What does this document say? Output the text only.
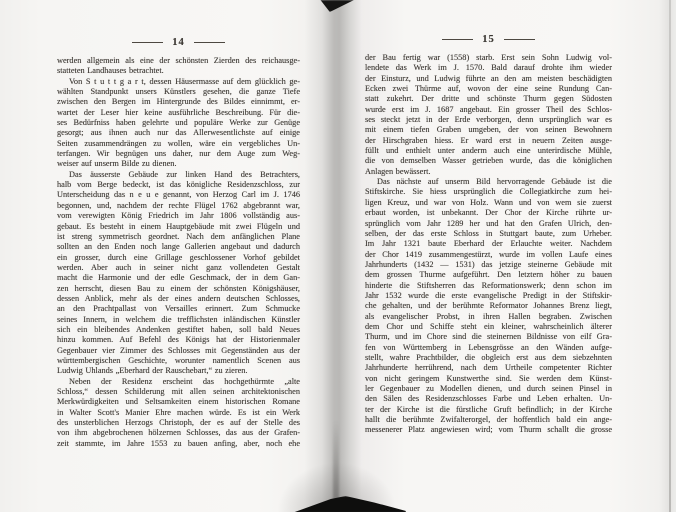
14
werden allgemein als eine der schönsten Zierden des reichausge-
statteten Landhauses betrachtet.
Von S t u t t g a r t, dessen Häusermasse auf dem glücklich ge-
wählten Standpunkt unsers Künstlers gesehen, die ganze Tiefe
zwischen den Bergen im Hintergrunde des Bildes einnimmt, er-
wartet der Leser hier keine ausführliche Beschreibung. Für die-
ses Bedürfniss haben gelehrte und populäre Werke zur Genüge
gesorgt; aus ihnen auch nur das Allerwesentlichste auf einige
Seiten zusammendrängen zu wollen, wäre ein vergebliches Un-
terfangen. Wir begnügen uns daher, nur dem Auge zum Weg-
weiser auf unserm Bilde zu dienen.
Das äusserste Gebäude zur linken Hand des Betrachters,
halb vom Berge bedeckt, ist das königliche Residenzschloss, zur
Unterscheidung das n e u e genannt, von Herzog Carl im J. 1746
begonnen, und, nachdem der rechte Flügel 1762 abgebrannt war,
vom verewigten König Friedrich im Jahr 1806 vollständig aus-
gebaut. Es besteht in einem Hauptgebäude mit zwei Flügeln und
ist streng symmetrisch geordnet. Nach dem anfänglichen Plane
sollten an den Enden noch lange Gallerien angebaut und dadurch
ein grosser, durch eine Grillage geschlossener Vorhof gebildet
werden. Aber auch in seiner nicht ganz vollendeten Gestalt
macht die Harmonie und der edle Geschmack, der in dem Gan-
zen herrscht, diesen Bau zu einem der schönsten Königshäuser,
dessen Anblick, mehr als der eines andern deutschen Schlosses,
an den Prachtpallast von Versailles erinnert. Zum Schmucke
seines Innern, in welchem die trefflichsten inländischen Künstler
sich ein bleibendes Andenken gestiftet haben, soll bald Neues
hinzu kommen. Auf Befehl des Königs hat der Historienmaler
Gegenbauer vier Zimmer des Schlosses mit Gegenständen aus der
württembergischen Geschichte, worunter namentlich Scenen aus
Ludwig Uhlands „Eberhard der Rauschebart,“ zu zieren.
Neben der Residenz erscheint das hochgethürmte „alte
Schloss,“ dessen Schilderung mit allen seinen architektonischen
Merkwürdigkeiten und Seltsamkeiten einem historischen Romane
in Walter Scott's Manier Ehre machen würde. Es ist ein Werk
des unsterblichen Herzogs Christoph, der es auf der Stelle des
von ihm abgebrochenen hölzernen Schlosses, das aus der Grafen-
zeit stammte, im Jahre 1553 zu bauen anfing, aber, noch ehe
15
der Bau fertig war (1558) starb. Erst sein Sohn Ludwig vol-
lendete das Werk im J. 1570. Bald darauf drohte ihm wieder
der Einsturz, und Ludwig führte an den am meisten beschädigten
Ecken zwei Thürme auf, wovon der eine seine Rundung Can-
statt zukehrt. Der dritte und schönste Thurm gegen Südosten
wurde erst im J. 1687 angebaut. Ein grosser Theil des Schlos-
ses steckt jetzt in der Erde verborgen, denn ursprünglich war es
mit einem tiefen Graben umgeben, der von seinen Bewohnern
der Hirschgraben hiess. Er ward erst in neuern Zeiten ausge-
füllt und enthielt unter anderm auch eine unterirdische Mühle,
die von demselben Wasser getrieben wurde, das die königlichen
Anlagen bewässert.
Das nächste auf unserm Bild hervorragende Gebäude ist die
Stiftskirche. Sie hiess ursprünglich die Collegiatkirche zum hei-
ligen Kreuz, und war von Holz. Wann und von wem sie zuerst
erbaut worden, ist unbekannt. Der Chor der Kirche rührte ur-
sprünglich vom Jahr 1289 her und hat den Grafen Ulrich, den-
selben, der das erste Schloss in Stuttgart baute, zum Urheber.
Im Jahr 1321 baute Eberhard der Erlauchte weiter. Nachdem
der Chor 1419 zusammengestürzt, wurde im vollen Laufe eines
Jahrhunderts (1432 — 1531) das jetzige steinerne Gebäude mit
dem grossen Thurme aufgeführt. Den letztern höher zu bauen
hinderte die Stiftsherren das Reformationswerk; denn schon im
Jahr 1532 wurde die erste evangelische Predigt in der Stiftskir-
che gehalten, und der berühmte Reformator Johannes Brenz liegt,
als evangelischer Probst, in ihren Hallen begraben. Zwischen
dem Chor und Schiffe steht ein kleiner, wahrscheinlich älterer
Thurm, und im Chore sind die steinernen Bildnisse von eilf Gra-
fen von Württemberg in Lebensgrösse an den Wänden aufge-
stellt, wahre Prachtbilder, die obgleich erst aus dem siebzehnten
Jahrhunderte herrührend, nach dem Urtheile competenter Richter
von nicht geringem Kunstwerthe sind. Sie werden dem Künst-
ler Gegenbauer zu Modellen dienen, und durch seinen Pinsel in
den Sälen des Residenzschlosses Farbe und Leben erhalten. Un-
ter der Kirche ist die fürstliche Gruft befindlich; in der Kirche
hallt die berühmte Zwifalterorgel, der hoffentlich bald ein ange-
messenerer Platz angewiesen wird; vom Thurm schallt die grosse
